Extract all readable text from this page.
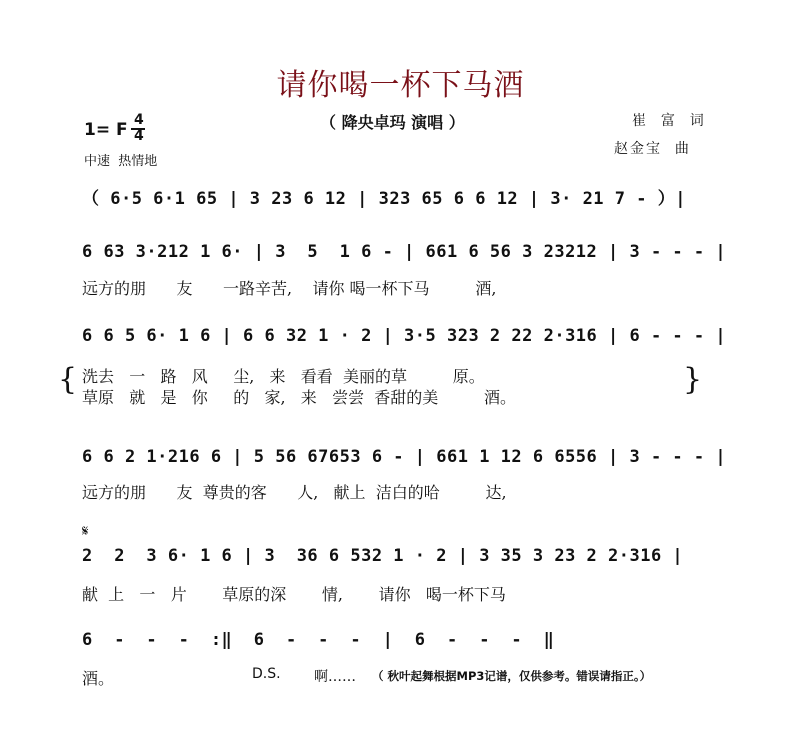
请你喝一杯下马酒
（ 降央卓玛 演唱 ）
1= F 4
4
中速  热情地
崔  富  词
赵金宝  曲
（ 6·5 6·1 65 | 3 23 6 12 | 323 65 6 6 12 | 3· 21 7 - ）|
6 63 3·212 1 6· | 3  5  1 6 - | 661 6 56 3 23212 | 3 - - - |
远方的朋      友      一路辛苦,    请你 喝一杯下马         酒,
6 6 5 6· 1 6 | 6 6 32 1 · 2 | 3·5 323 2 22 2·316 | 6 - - - |
{ 洗去   一   路   风     尘,   来   看看  美丽的草         原。
草原   就   是   你     的   家,   来   尝尝  香甜的美         酒。
}
6 6 2 1·216 6 | 5 56 67653 6 - | 661 1 12 6 6556 | 3 - - - |
远方的朋      友  尊贵的客      人,   献上  洁白的哈         达,
𝄋
2  2  3 6· 1 6 | 3  36 6 532 1 · 2 | 3 35 3 23 2 2·316 |
献  上   一   片       草原的深       情,       请你   喝一杯下马
6  -  -  -  :‖  6  -  -  -  |  6  -  -  -  ‖
酒。	D.S. 啊…… （ 秋叶起舞根据MP3记谱，仅供参考。错误请指正。）
